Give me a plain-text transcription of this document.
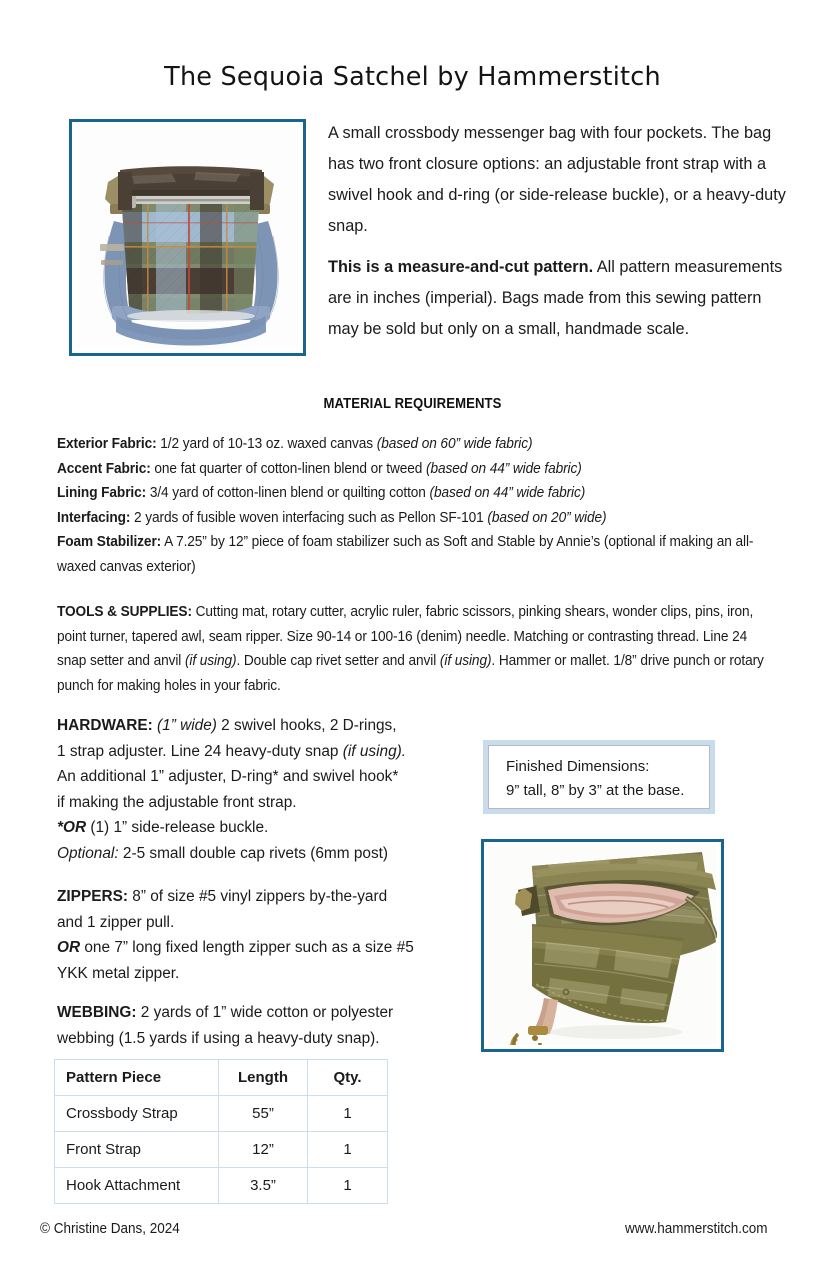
The Sequoia Satchel by Hammerstitch
A small crossbody messenger bag with four pockets. The bag has two front closure options: an adjustable front strap with a swivel hook and d-ring (or side-release buckle), or a heavy-duty snap.
This is a measure-and-cut pattern. All pattern measurements are in inches (imperial). Bags made from this sewing pattern may be sold but only on a small, handmade scale.
MATERIAL REQUIREMENTS
Exterior Fabric: 1/2 yard of 10-13 oz. waxed canvas (based on 60” wide fabric)
Accent Fabric: one fat quarter of cotton-linen blend or tweed (based on 44” wide fabric)
Lining Fabric: 3/4 yard of cotton-linen blend or quilting cotton (based on 44” wide fabric)
Interfacing: 2 yards of fusible woven interfacing such as Pellon SF-101 (based on 20” wide)
Foam Stabilizer: A 7.25” by 12” piece of foam stabilizer such as Soft and Stable by Annie’s (optional if making an all-waxed canvas exterior)
TOOLS & SUPPLIES: Cutting mat, rotary cutter, acrylic ruler, fabric scissors, pinking shears, wonder clips, pins, iron, point turner, tapered awl, seam ripper. Size 90-14 or 100-16 (denim) needle. Matching or contrasting thread. Line 24 snap setter and anvil (if using). Double cap rivet setter and anvil (if using). Hammer or mallet. 1/8” drive punch or rotary punch for making holes in your fabric.
HARDWARE: (1” wide) 2 swivel hooks, 2 D-rings,
1 strap adjuster. Line 24 heavy-duty snap (if using).
An additional 1” adjuster, D-ring* and swivel hook*
if making the adjustable front strap.
*OR (1) 1” side-release buckle.
Optional: 2-5 small double cap rivets (6mm post)
ZIPPERS: 8” of size #5 vinyl zippers by-the-yard
and 1 zipper pull.
OR one 7” long fixed length zipper such as a size #5
YKK metal zipper.
WEBBING: 2 yards of 1” wide cotton or polyester
webbing (1.5 yards if using a heavy-duty snap).
Finished Dimensions:
9” tall, 8” by 3” at the base.
Pattern Piece	Length	Qty.
Crossbody Strap	55”	1
Front Strap	12”	1
Hook Attachment	3.5”	1
© Christine Dans, 2024	www.hammerstitch.com
